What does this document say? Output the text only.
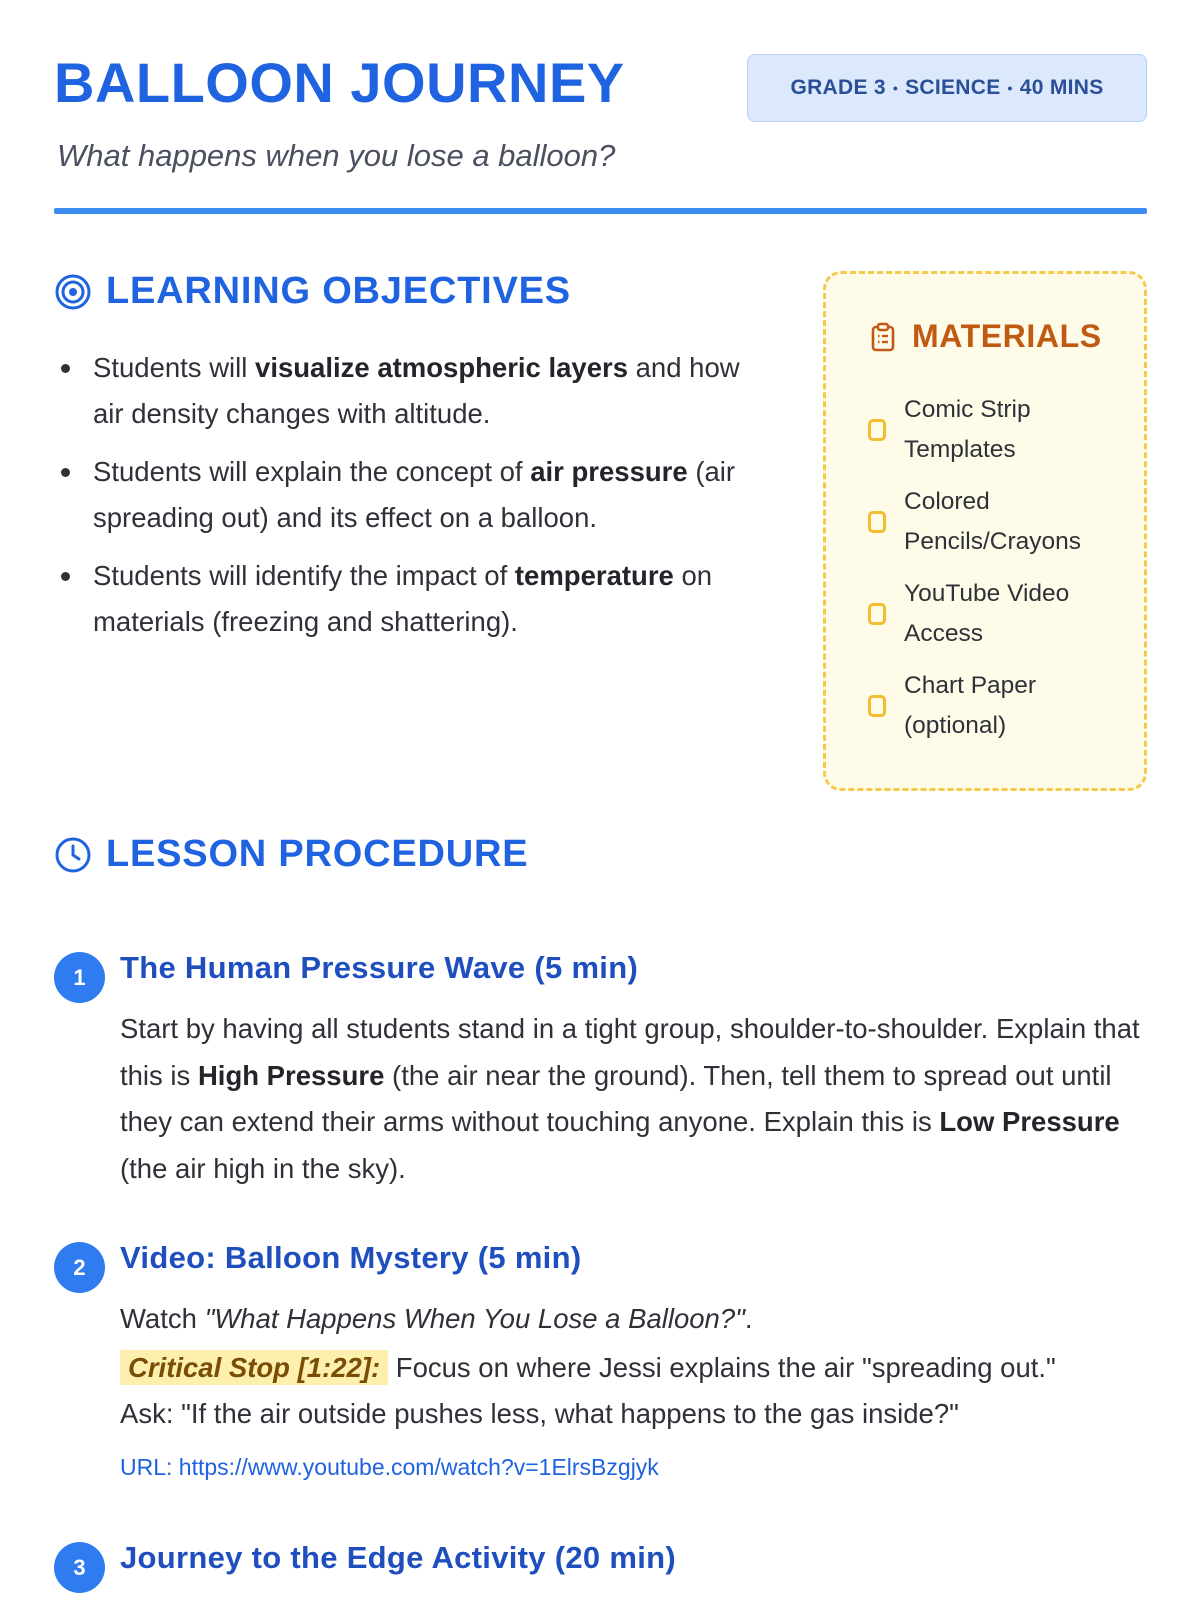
BALLOON JOURNEY	GRADE 3 • SCIENCE • 40 MINS

What happens when you lose a balloon?

LEARNING OBJECTIVES
Students will visualize atmospheric layers and how air density changes with altitude.
Students will explain the concept of air pressure (air spreading out) and its effect on a balloon.
Students will identify the impact of temperature on materials (freezing and shattering).
MATERIALS
Comic Strip
Templates
Colored
Pencils/Crayons
YouTube Video
Access
Chart Paper
(optional)
LESSON PROCEDURE
1	The Human Pressure Wave (5 min)

Start by having all students stand in a tight group, shoulder-to-shoulder. Explain that this is High Pressure (the air near the ground). Then, tell them to spread out until they can extend their arms without touching anyone. Explain this is Low Pressure (the air high in the sky).

2	Video: Balloon Mystery (5 min)

Watch "What Happens When You Lose a Balloon?".

Critical Stop [1:22]: Focus on where Jessi explains the air "spreading out."

Ask: "If the air outside pushes less, what happens to the gas inside?"

URL: https://www.youtube.com/watch?v=1ElrsBzgjyk
3	Journey to the Edge Activity (20 min)
